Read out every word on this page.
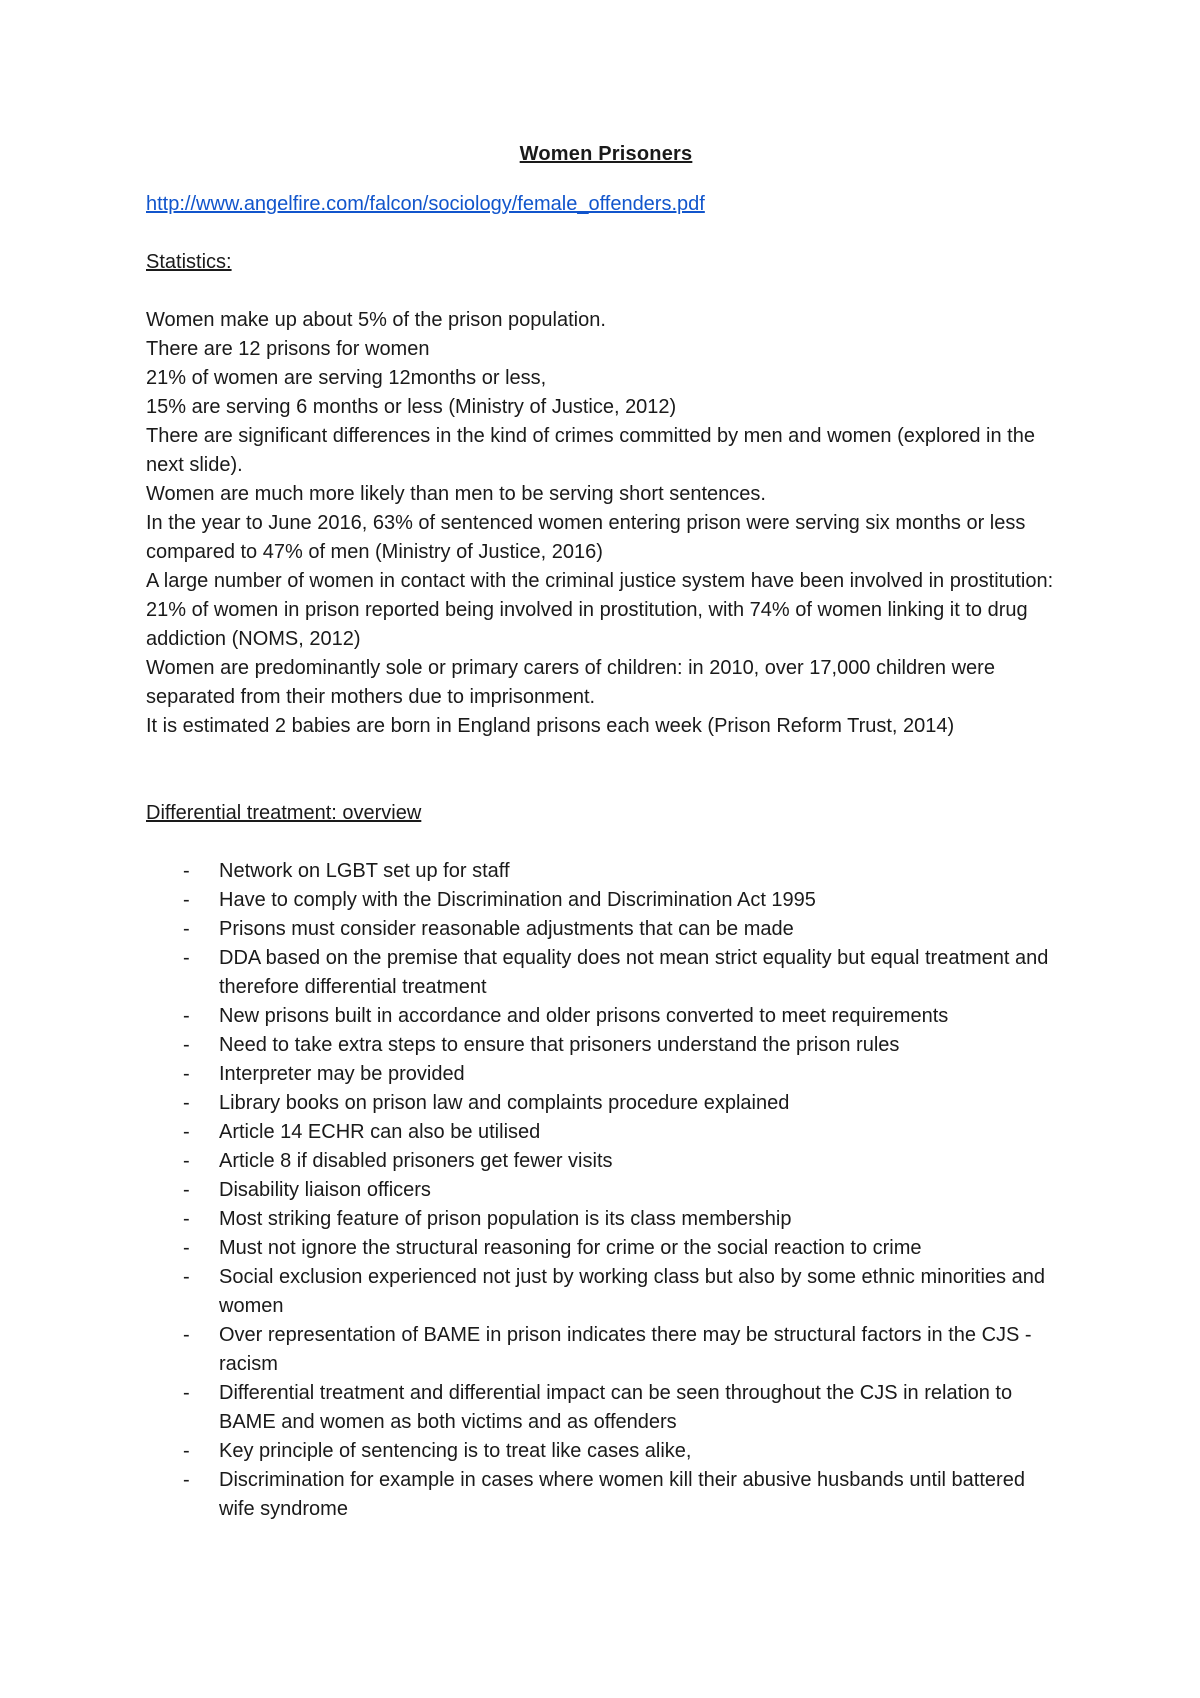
Women Prisoners
http://www.angelfire.com/falcon/sociology/female_offenders.pdf
Statistics:

Women make up about 5% of the prison population.

There are 12 prisons for women

21% of women are serving 12months or less,

15% are serving 6 months or less (Ministry of Justice, 2012)

There are significant differences in the kind of crimes committed by men and women (explored in the next slide).

Women are much more likely than men to be serving short sentences.

In the year to June 2016, 63% of sentenced women entering prison were serving six months or less compared to 47% of men (Ministry of Justice, 2016)

A large number of women in contact with the criminal justice system have been involved in prostitution: 21% of women in prison reported being involved in prostitution, with 74% of women linking it to drug addiction (NOMS, 2012)

Women are predominantly sole or primary carers of children: in 2010, over 17,000 children were separated from their mothers due to imprisonment.

It is estimated 2 babies are born in England prisons each week (Prison Reform Trust, 2014)

Differential treatment: overview
- Network on LGBT set up for staff
- Have to comply with the Discrimination and Discrimination Act 1995
- Prisons must consider reasonable adjustments that can be made
- DDA based on the premise that equality does not mean strict equality but equal treatment and therefore differential treatment
- New prisons built in accordance and older prisons converted to meet requirements
- Need to take extra steps to ensure that prisoners understand the prison rules
- Interpreter may be provided
- Library books on prison law and complaints procedure explained
- Article 14 ECHR can also be utilised
- Article 8 if disabled prisoners get fewer visits
- Disability liaison officers
- Most striking feature of prison population is its class membership
- Must not ignore the structural reasoning for crime or the social reaction to crime
- Social exclusion experienced not just by working class but also by some ethnic minorities and women
- Over representation of BAME in prison indicates there may be structural factors in the CJS - racism
- Differential treatment and differential impact can be seen throughout the CJS in relation to BAME and women as both victims and as offenders
- Key principle of sentencing is to treat like cases alike,
- Discrimination for example in cases where women kill their abusive husbands until battered wife syndrome
